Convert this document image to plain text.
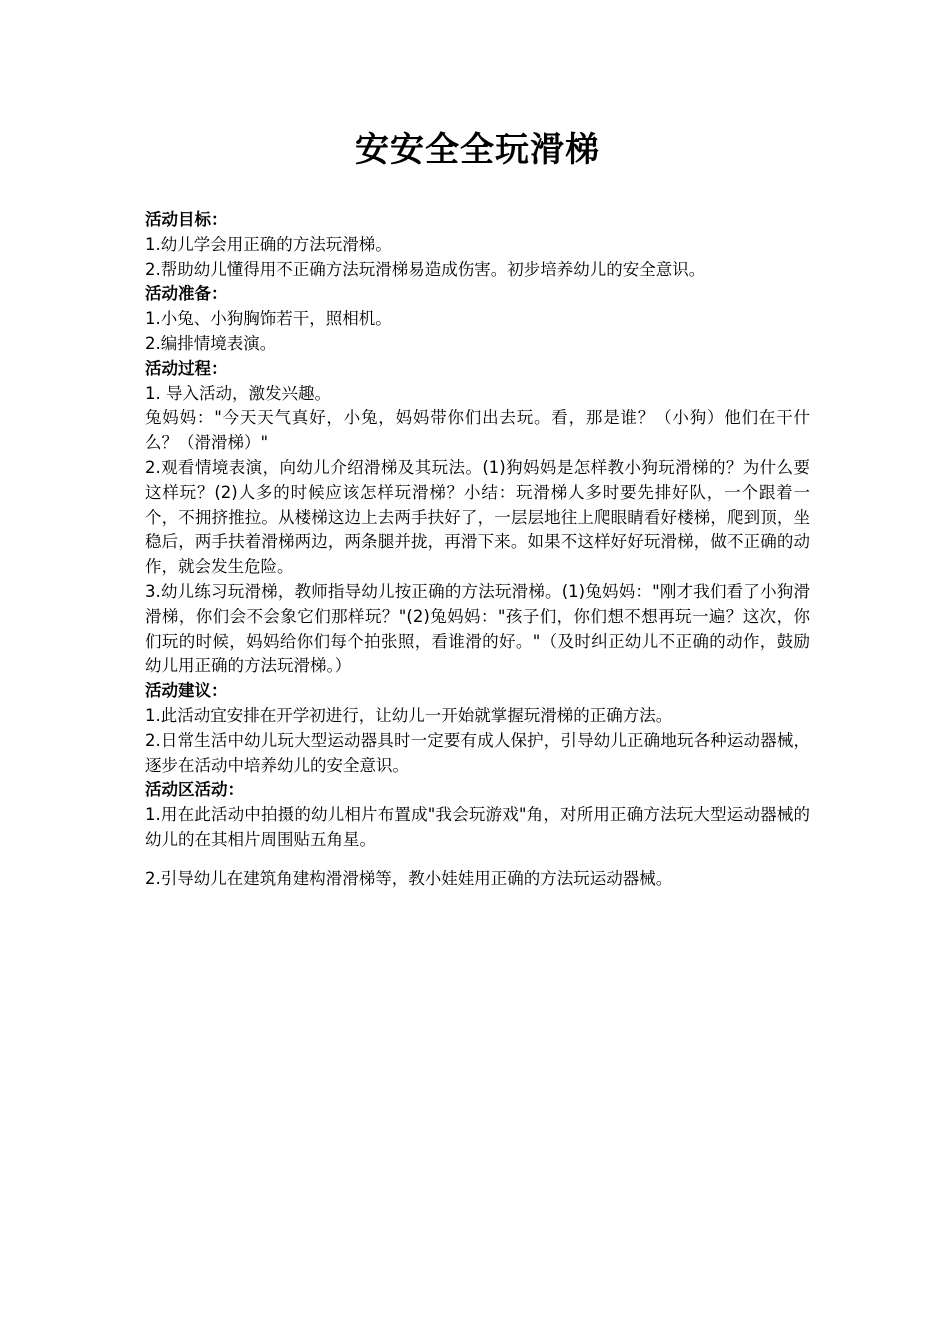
安安全全玩滑梯

活动目标：

1.幼儿学会用正确的方法玩滑梯。

2.帮助幼儿懂得用不正确方法玩滑梯易造成伤害。初步培养幼儿的安全意识。

活动准备：

1.小兔、小狗胸饰若干，照相机。

2.编排情境表演。

活动过程：

1. 导入活动，激发兴趣。

兔妈妈："今天天气真好，小兔，妈妈带你们出去玩。看，那是谁？（小狗）他们在干什么？（滑滑梯）"

2.观看情境表演，向幼儿介绍滑梯及其玩法。(1)狗妈妈是怎样教小狗玩滑梯的？为什么要这样玩？(2)人多的时候应该怎样玩滑梯？小结：玩滑梯人多时要先排好队，一个跟着一个，不拥挤推拉。从楼梯这边上去两手扶好了，一层层地往上爬眼睛看好楼梯，爬到顶，坐稳后，两手扶着滑梯两边，两条腿并拢，再滑下来。如果不这样好好玩滑梯，做不正确的动作，就会发生危险。

3.幼儿练习玩滑梯，教师指导幼儿按正确的方法玩滑梯。(1)兔妈妈："刚才我们看了小狗滑滑梯，你们会不会象它们那样玩？"(2)兔妈妈："孩子们，你们想不想再玩一遍？这次，你们玩的时候，妈妈给你们每个拍张照，看谁滑的好。"（及时纠正幼儿不正确的动作，鼓励幼儿用正确的方法玩滑梯。）

活动建议：

1.此活动宜安排在开学初进行，让幼儿一开始就掌握玩滑梯的正确方法。

2.日常生活中幼儿玩大型运动器具时一定要有成人保护，引导幼儿正确地玩各种运动器械，逐步在活动中培养幼儿的安全意识。

活动区活动：

1.用在此活动中拍摄的幼儿相片布置成"我会玩游戏"角，对所用正确方法玩大型运动器械的幼儿的在其相片周围贴五角星。

2.引导幼儿在建筑角建构滑滑梯等，教小娃娃用正确的方法玩运动器械。
